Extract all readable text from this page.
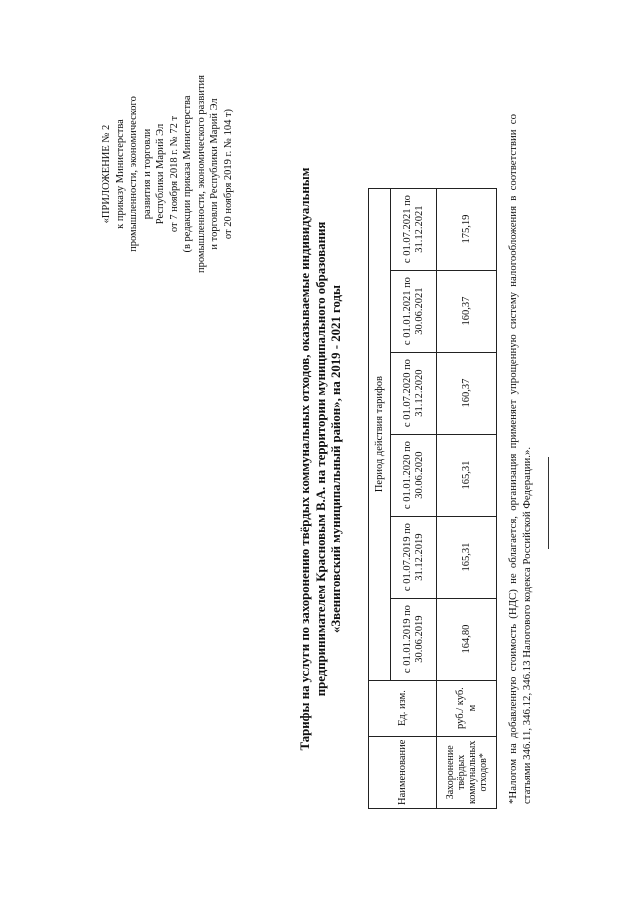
«ПРИЛОЖЕНИЕ № 2 к приказу Министерства промышленности, экономического развития и торговли Республики Марий Эл от 7 ноября 2018 г. № 72 т (в редакции приказа Министерства промышленности, экономического развития и торговли Республики Марий Эл от 20 ноября 2019 г. № 104 т)	Тарифы на услуги по захоронению твёрдых коммунальных отходов, оказываемые индивидуальным предпринимателем Красновым В.А. на территории муниципального образования «Звениговский муниципальный район», на 2019 - 2021 годы
Наименование	Ед. изм.	Период действия тарифов					
		с 01.01.2019 по 30.06.2019	с 01.07.2019 по 31.12.2019	с 01.01.2020 по 30.06.2020	с 01.07.2020 по 31.12.2020	с 01.01.2021 по 30.06.2021	с 01.07.2021 по 31.12.2021
Захоронение твёрдых коммунальных отходов*	руб./ куб. м	164,80	165,31	165,31	160,37	160,37	175,19	*Налогом на добавленную стоимость (НДС) не облагается, организация применяет упрощенную систему налогообложения в соответствии со статьями 346.11, 346.12, 346.13 Налогового кодекса Российской Федерации.».
